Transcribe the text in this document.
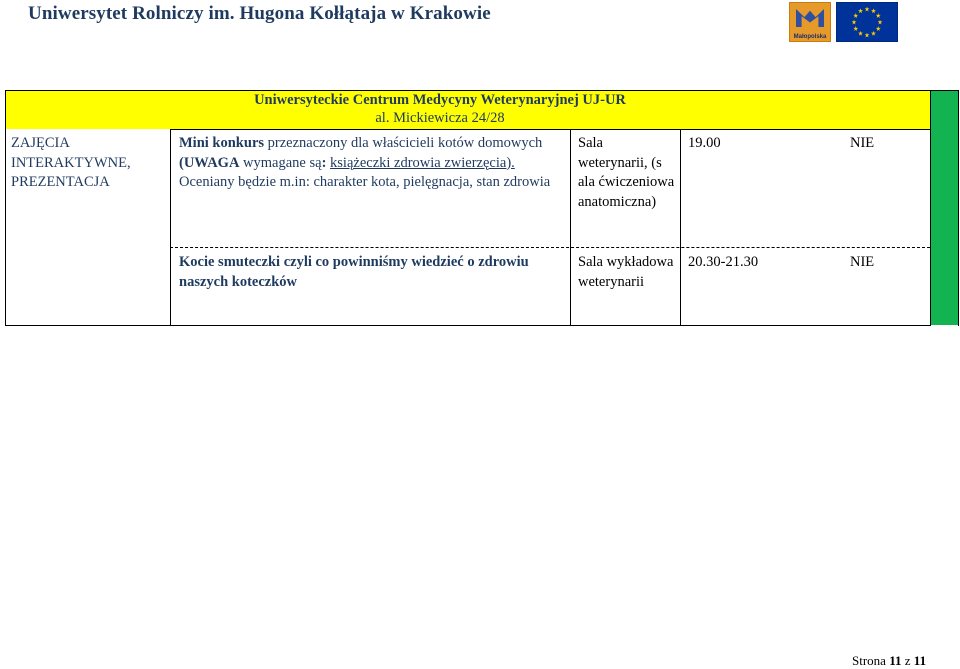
Uniwersytet Rolniczy im. Hugona Kołłątaja w Krakowie
Małopolska
Uniwersyteckie Centrum Medycyny Weterynaryjnej UJ-UR
al. Mickiewicza 24/28
ZAJĘCIA INTERAKTYWNE, PREZENTACJA
Mini konkurs przeznaczony dla właścicieli kotów domowych (UWAGA wymagane są: książeczki zdrowia zwierzęcia). Oceniany będzie m.in: charakter kota, pielęgnacja, stan zdrowia
Sala weterynarii, (s ala ćwiczeniowa anatomiczna)
19.00	NIE
Kocie smuteczki czyli co powinniśmy wiedzieć o zdrowiu naszych koteczków
Sala wykładowa weterynarii
20.30-21.30	NIE
Strona 11 z 11
